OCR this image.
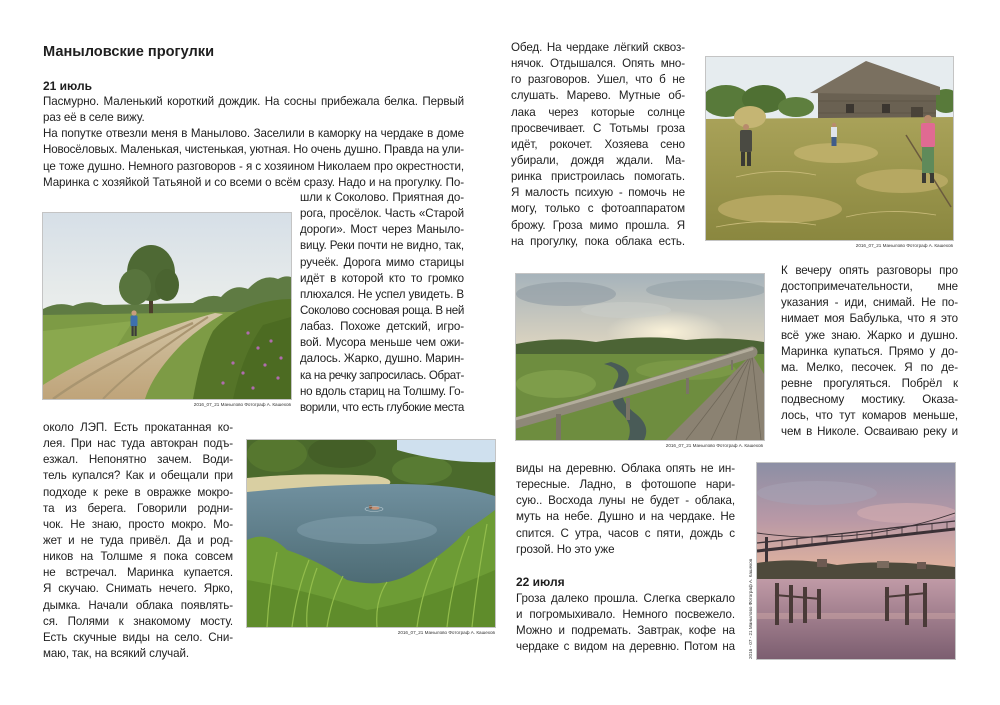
Маныловские прогулки
21 июль
22 июля
Пасмурно. Маленький короткий дождик. На сосны прибежала белка. Первый
раз её в селе вижу.
На попутке отвезли меня в Манылово. Заселили в каморку на чердаке в доме
Новосёловых. Маленькая, чистенькая, уютная. Но очень душно. Правда на ули-
це тоже душно. Немного разговоров - я с хозяином Николаем про окрестности,
Маринка с хозяйкой Татьяной и со всеми о всём сразу. Надо и на прогулку. По-
шли к Соколово. Приятная до-
рога, просёлок. Часть «Старой
дороги». Мост через Маныло-
вицу. Реки почти не видно, так,
ручеёк. Дорога мимо старицы
идёт в которой кто то громко
плюхался. Не успел увидеть. В
Соколово сосновая роща. В ней
лабаз. Похоже детский, игро-
вой. Мусора меньше чем ожи-
далось. Жарко, душно. Марин-
ка на речку запросилась. Обрат-
но вдоль стариц на Толшму. Го-
ворили, что есть глубокие места
около ЛЭП. Есть прокатанная ко-
лея. При нас туда автокран подъ-
езжал. Непонятно зачем. Води-
тель купался? Как и обещали при
подходе к реке в овражке мокро-
та из берега. Говорили родни-
чок. Не знаю, просто мокро. Мо-
жет и не туда привёл. Да и род-
ников на Толшме я пока совсем
не встречал. Маринка купается.
Я скучаю. Снимать нечего. Ярко,
дымка. Начали облака появлять-
ся. Полями к знакомому мосту.
Есть скучные виды на село. Сни-
маю, так, на всякий случай.
Обед. На чердаке лёгкий сквоз-
нячок. Отдышался. Опять мно-
го разговоров. Ушел, что б не
слушать. Марево. Мутные об-
лака через которые солнце
просвечивает. С Тотьмы гроза
идёт, рокочет. Хозяева сено
убирали, дождя ждали. Ма-
ринка пристроилась помогать.
Я малость психую - помочь не
могу, только с фотоаппаратом
брожу. Гроза мимо прошла. Я
на прогулку, пока облака есть.
К вечеру опять разговоры про
достопримечательности, мне
указания - иди, снимай. Не по-
нимает моя Бабулька, что я это
всё уже знаю. Жарко и душно.
Маринка купаться. Прямо у до-
ма. Мелко, песочек. Я по де-
ревне прогуляться. Побрёл к
подвесному мостику. Оказа-
лось, что тут комаров меньше,
чем в Николе. Осваиваю реку и
виды на деревню. Облака опять не ин-
тересные. Ладно, в фотошопе нари-
сую.. Восхода луны не будет - облака,
муть на небе. Душно и на чердаке. Не
спится. С утра, часов с пяти, дождь с
грозой. Но это уже
Гроза далеко прошла. Слегка сверкало
и погромыхивало. Немного посвежело.
Можно и подремать. Завтрак, кофе на
чердаке с видом на деревню. Потом на
2016_07_21 Манылово Фотограф А. Кашехов
2016_07_21 Манылово Фотограф А. Кашехов
2016_07_21 Манылово Фотограф А. Кашехов
2016_07_21 Манылово Фотограф А. Кашехов
2016 - 07 - 21 Манылово Фотограф А. Кашехов
